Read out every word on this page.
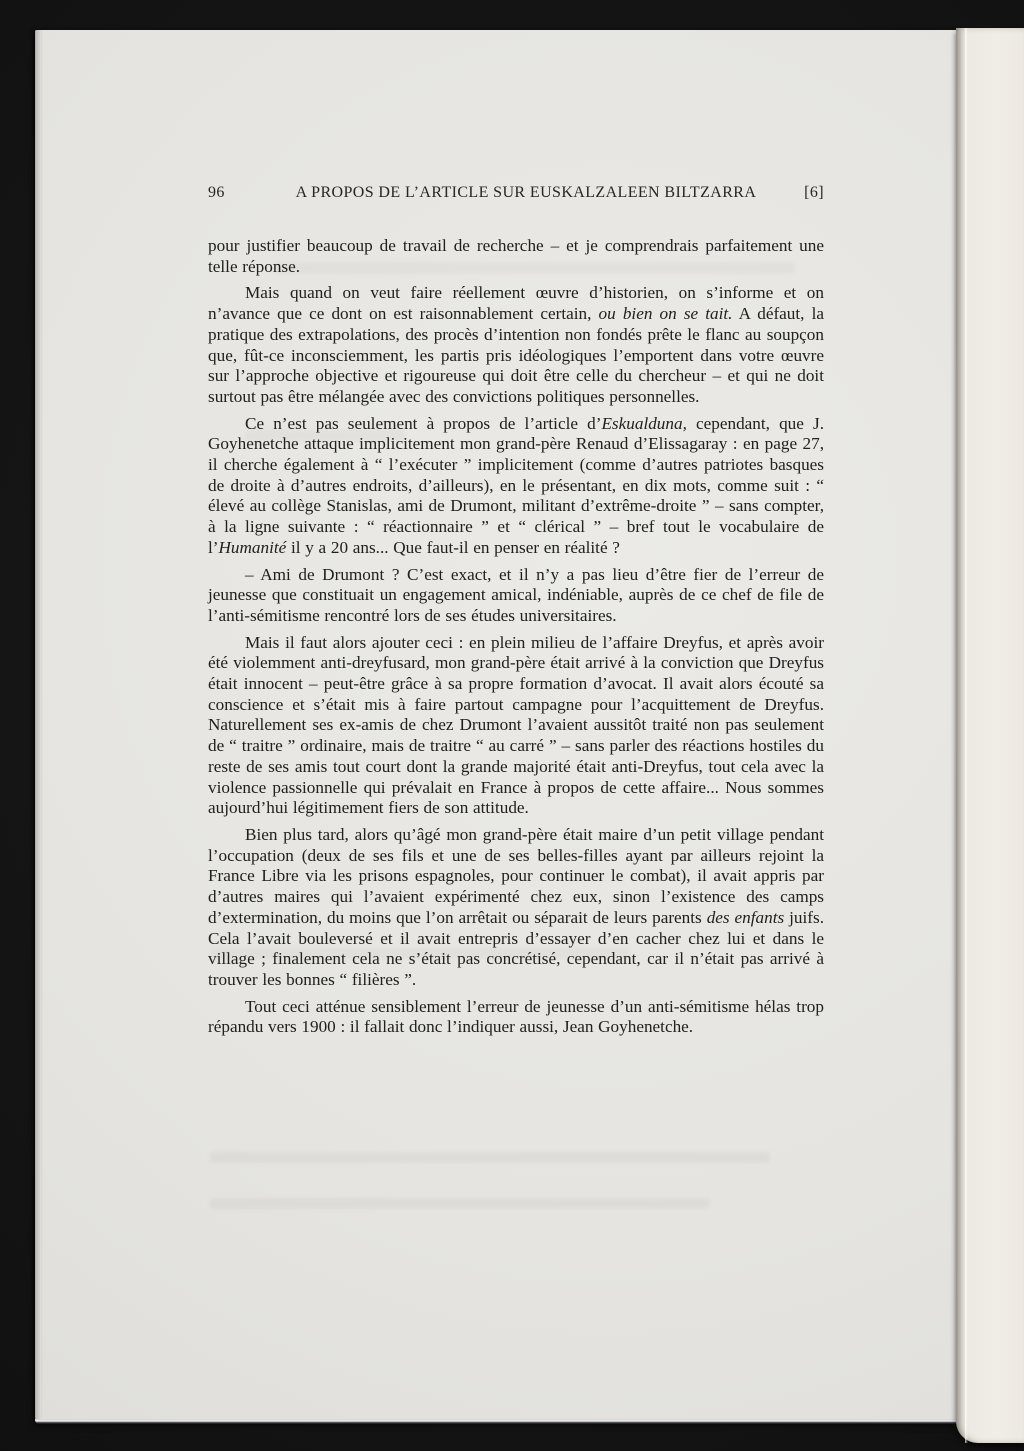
96	A PROPOS DE L’ARTICLE SUR EUSKALZALEEN BILTZARRA	[6]

pour justifier beaucoup de travail de recherche – et je comprendrais parfaitement une telle réponse.

Mais quand on veut faire réellement œuvre d’historien, on s’informe et on n’avance que ce dont on est raisonnablement certain, ou bien on se tait. A défaut, la pratique des extrapolations, des procès d’intention non fondés prête le flanc au soupçon que, fût-ce inconsciemment, les partis pris idéologiques l’emportent dans votre œuvre sur l’approche objective et rigoureuse qui doit être celle du chercheur – et qui ne doit surtout pas être mélangée avec des convictions politiques personnelles.

Ce n’est pas seulement à propos de l’article d’Eskualduna, cependant, que J. Goyhenetche attaque implicitement mon grand-père Renaud d’Elissagaray : en page 27, il cherche également à “ l’exécuter ” implicitement (comme d’autres patriotes basques de droite à d’autres endroits, d’ailleurs), en le présentant, en dix mots, comme suit : “ élevé au collège Stanislas, ami de Drumont, militant d’extrême-droite ” – sans compter, à la ligne suivante : “ réactionnaire ” et “ clérical ” – bref tout le vocabulaire de l’Humanité il y a 20 ans... Que faut-il en penser en réalité ?

– Ami de Drumont ? C’est exact, et il n’y a pas lieu d’être fier de l’erreur de jeunesse que constituait un engagement amical, indéniable, auprès de ce chef de file de l’anti-sémitisme rencontré lors de ses études universitaires.

Mais il faut alors ajouter ceci : en plein milieu de l’affaire Dreyfus, et après avoir été violemment anti-dreyfusard, mon grand-père était arrivé à la conviction que Dreyfus était innocent – peut-être grâce à sa propre formation d’avocat. Il avait alors écouté sa conscience et s’était mis à faire partout campagne pour l’acquittement de Dreyfus. Naturellement ses ex-amis de chez Drumont l’avaient aussitôt traité non pas seulement de “ traitre ” ordinaire, mais de traitre “ au carré ” – sans parler des réactions hostiles du reste de ses amis tout court dont la grande majorité était anti-Dreyfus, tout cela avec la violence passionnelle qui prévalait en France à propos de cette affaire... Nous sommes aujourd’hui légitimement fiers de son attitude.

Bien plus tard, alors qu’âgé mon grand-père était maire d’un petit village pendant l’occupation (deux de ses fils et une de ses belles-filles ayant par ailleurs rejoint la France Libre via les prisons espagnoles, pour continuer le combat), il avait appris par d’autres maires qui l’avaient expérimenté chez eux, sinon l’existence des camps d’extermination, du moins que l’on arrêtait ou séparait de leurs parents des enfants juifs. Cela l’avait bouleversé et il avait entrepris d’essayer d’en cacher chez lui et dans le village ; finalement cela ne s’était pas concrétisé, cependant, car il n’était pas arrivé à trouver les bonnes “ filières ”.

Tout ceci atténue sensiblement l’erreur de jeunesse d’un anti-sémitisme hélas trop répandu vers 1900 : il fallait donc l’indiquer aussi, Jean Goyhenetche.
